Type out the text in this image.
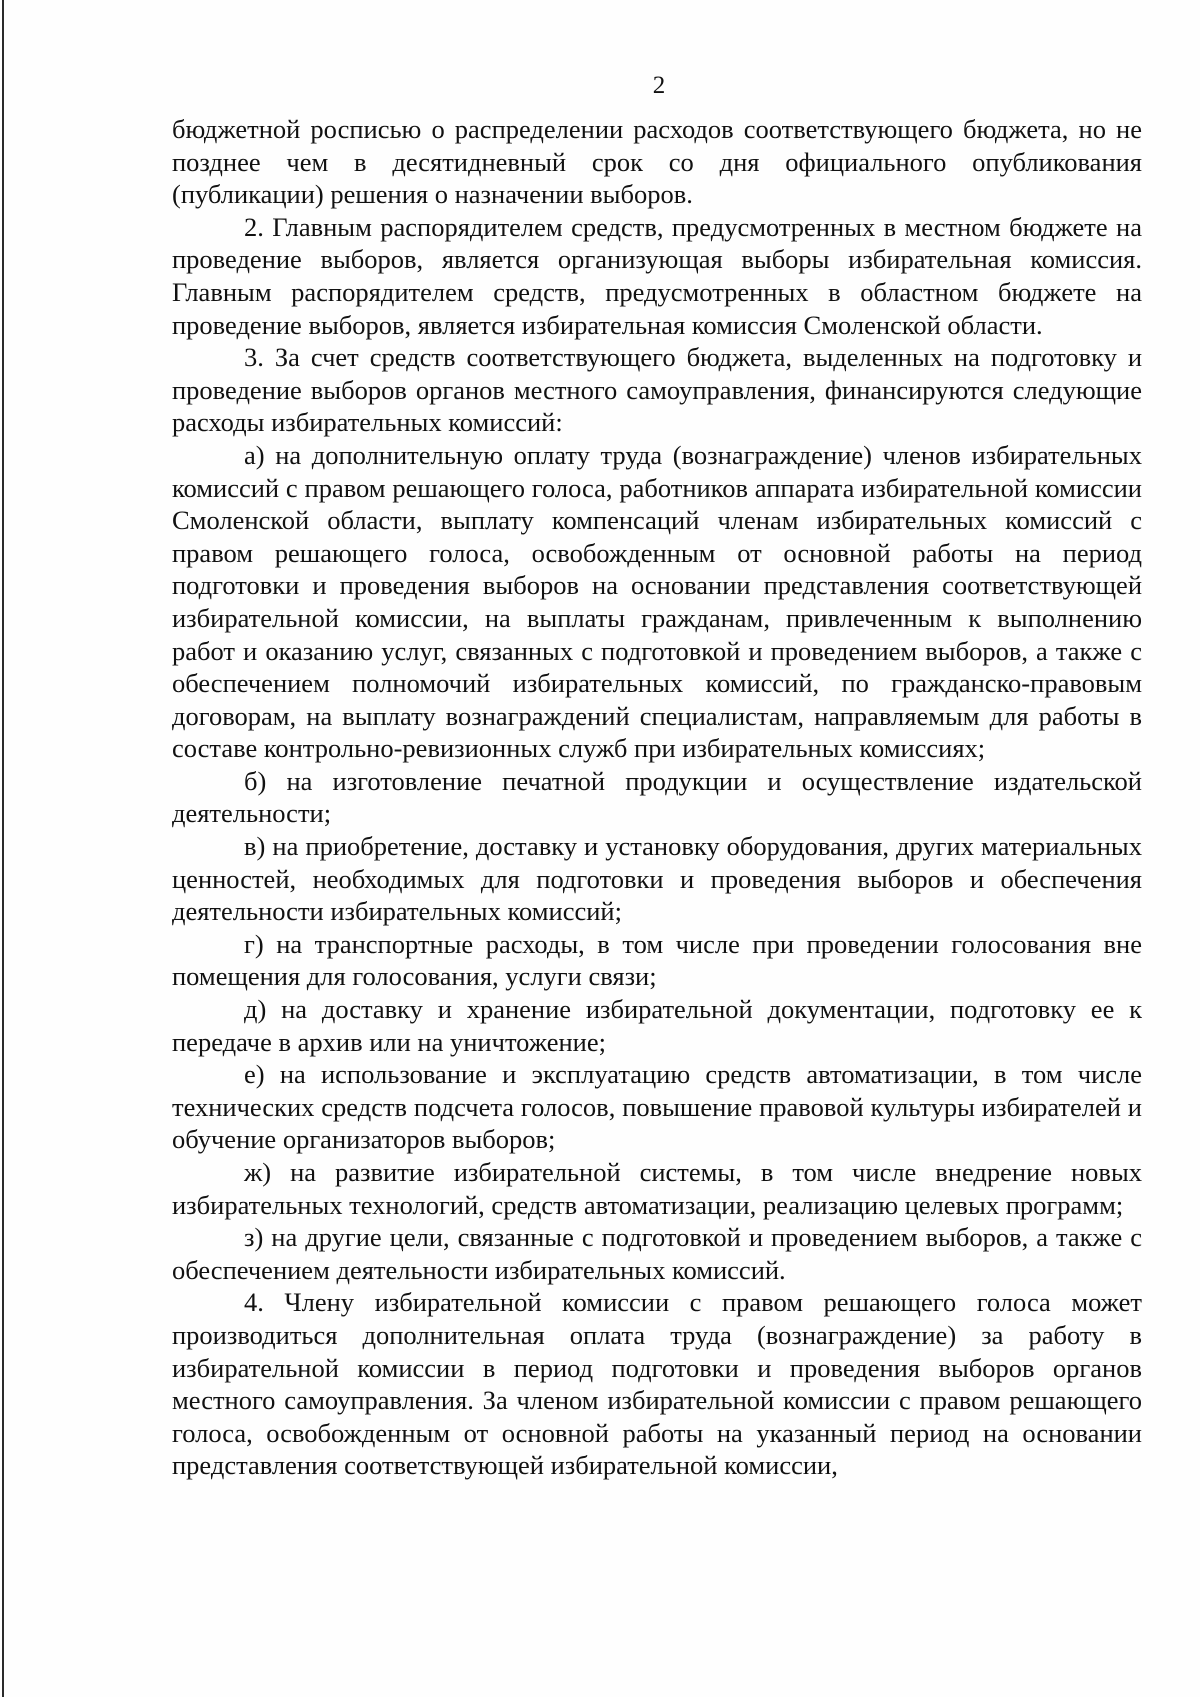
2

бюджетной росписью о распределении расходов соответствующего бюджета, но не позднее чем в десятидневный срок со дня официального опубликования (публикации) решения о назначении выборов.

2. Главным распорядителем средств, предусмотренных в местном бюджете на проведение выборов, является организующая выборы избирательная комиссия. Главным распорядителем средств, предусмотренных в областном бюджете на проведение выборов, является избирательная комиссия Смоленской области.

3. За счет средств соответствующего бюджета, выделенных на подготовку и проведение выборов органов местного самоуправления, финансируются следующие расходы избирательных комиссий:

а) на дополнительную оплату труда (вознаграждение) членов избирательных комиссий с правом решающего голоса, работников аппарата избирательной комиссии Смоленской области, выплату компенсаций членам избирательных комиссий с правом решающего голоса, освобожденным от основной работы на период подготовки и проведения выборов на основании представления соответствующей избирательной комиссии, на выплаты гражданам, привлеченным к выполнению работ и оказанию услуг, связанных с подготовкой и проведением выборов, а также с обеспечением полномочий избирательных комиссий, по гражданско-правовым договорам, на выплату вознаграждений специалистам, направляемым для работы в составе контрольно-ревизионных служб при избирательных комиссиях;

б) на изготовление печатной продукции и осуществление издательской деятельности;

в) на приобретение, доставку и установку оборудования, других материальных ценностей, необходимых для подготовки и проведения выборов и обеспечения деятельности избирательных комиссий;

г) на транспортные расходы, в том числе при проведении голосования вне помещения для голосования, услуги связи;

д) на доставку и хранение избирательной документации, подготовку ее к передаче в архив или на уничтожение;

е) на использование и эксплуатацию средств автоматизации, в том числе технических средств подсчета голосов, повышение правовой культуры избирателей и обучение организаторов выборов;

ж) на развитие избирательной системы, в том числе внедрение новых избирательных технологий, средств автоматизации, реализацию целевых программ;

з) на другие цели, связанные с подготовкой и проведением выборов, а также с обеспечением деятельности избирательных комиссий.

4. Члену избирательной комиссии с правом решающего голоса может производиться дополнительная оплата труда (вознаграждение) за работу в избирательной комиссии в период подготовки и проведения выборов органов местного самоуправления. За членом избирательной комиссии с правом решающего голоса, освобожденным от основной работы на указанный период на основании представления соответствующей избирательной комиссии,
